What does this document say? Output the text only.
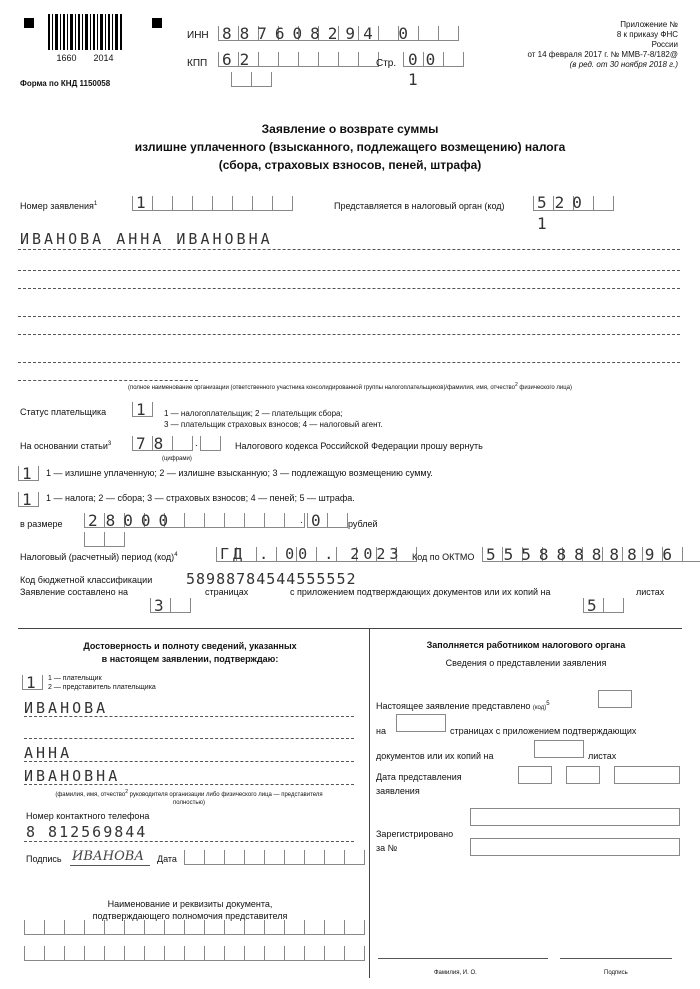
1660 2014
Форма по КНД 1150058
ИНН 887608294 0
КПП 62	Стр. 00
1
Приложение №
8 к приказу ФНС
России
от 14 февраля 2017 г. № ММВ-7-8/182@
(в ред. от 30 ноября 2018 г.)
Заявление о возврате суммы
излишне уплаченного (взысканного, подлежащего возмещению) налога
(сбора, страховых взносов, пеней, штрафа)
Номер заявления$^1$ 1	Представляется в налоговый орган (код) 520
1
ИВАНОВА АННА ИВАНОВНА
(полное наименование организации (ответственного участника консолидированной группы налогоплательщиков)/фамилия, имя, отчество$^2$ физического лица)
Статус плательщика 1 1 — налогоплательщик; 2 — плательщик сбора;
3 — плательщик страховых взносов; 4 — налоговый агент.
На основании статьи$^3$ 78 .	Налогового кодекса Российской Федерации прошу вернуть
(цифрами)
1 1 — излишне уплаченную; 2 — излишне взысканную; 3 — подлежащую возмещению сумму.
1 1 — налога; 2 — сбора; 3 — страховых взносов; 4 — пеней; 5 — штрафа.
в размере 28000	. 0 рублей
Налоговый (расчетный) период (код)$^4$	ГД . 00 . 2023 Код по ОКТМО 55588888896
Код бюджетной классификации 58988784544555552
Заявление составлено на
3
страницах	с приложением подтверждающих документов или их копий на
5
листах
Достоверность и полноту сведений, указанных
в настоящем заявлении, подтверждаю:
1 1 — плательщик
2 — представитель плательщика
ИВАНОВА
АННА
ИВАНОВНА
(фамилия, имя, отчество$^2$ руководителя организации либо физического лица — представителя
полностью)
Номер контактного телефона
8 812569844
Подпись ИВАНОВА Дата
Наименование и реквизиты документа,
подтверждающего полномочия представителя
Заполняется работником налогового органа
Сведения о представлении заявления
Настоящее заявление представлено (код)$^5$
на	страницах с приложением подтверждающих
документов или их копий на	листах
Дата представления
заявления
Зарегистрировано
за №
Фамилия, И. О.	Подпись
